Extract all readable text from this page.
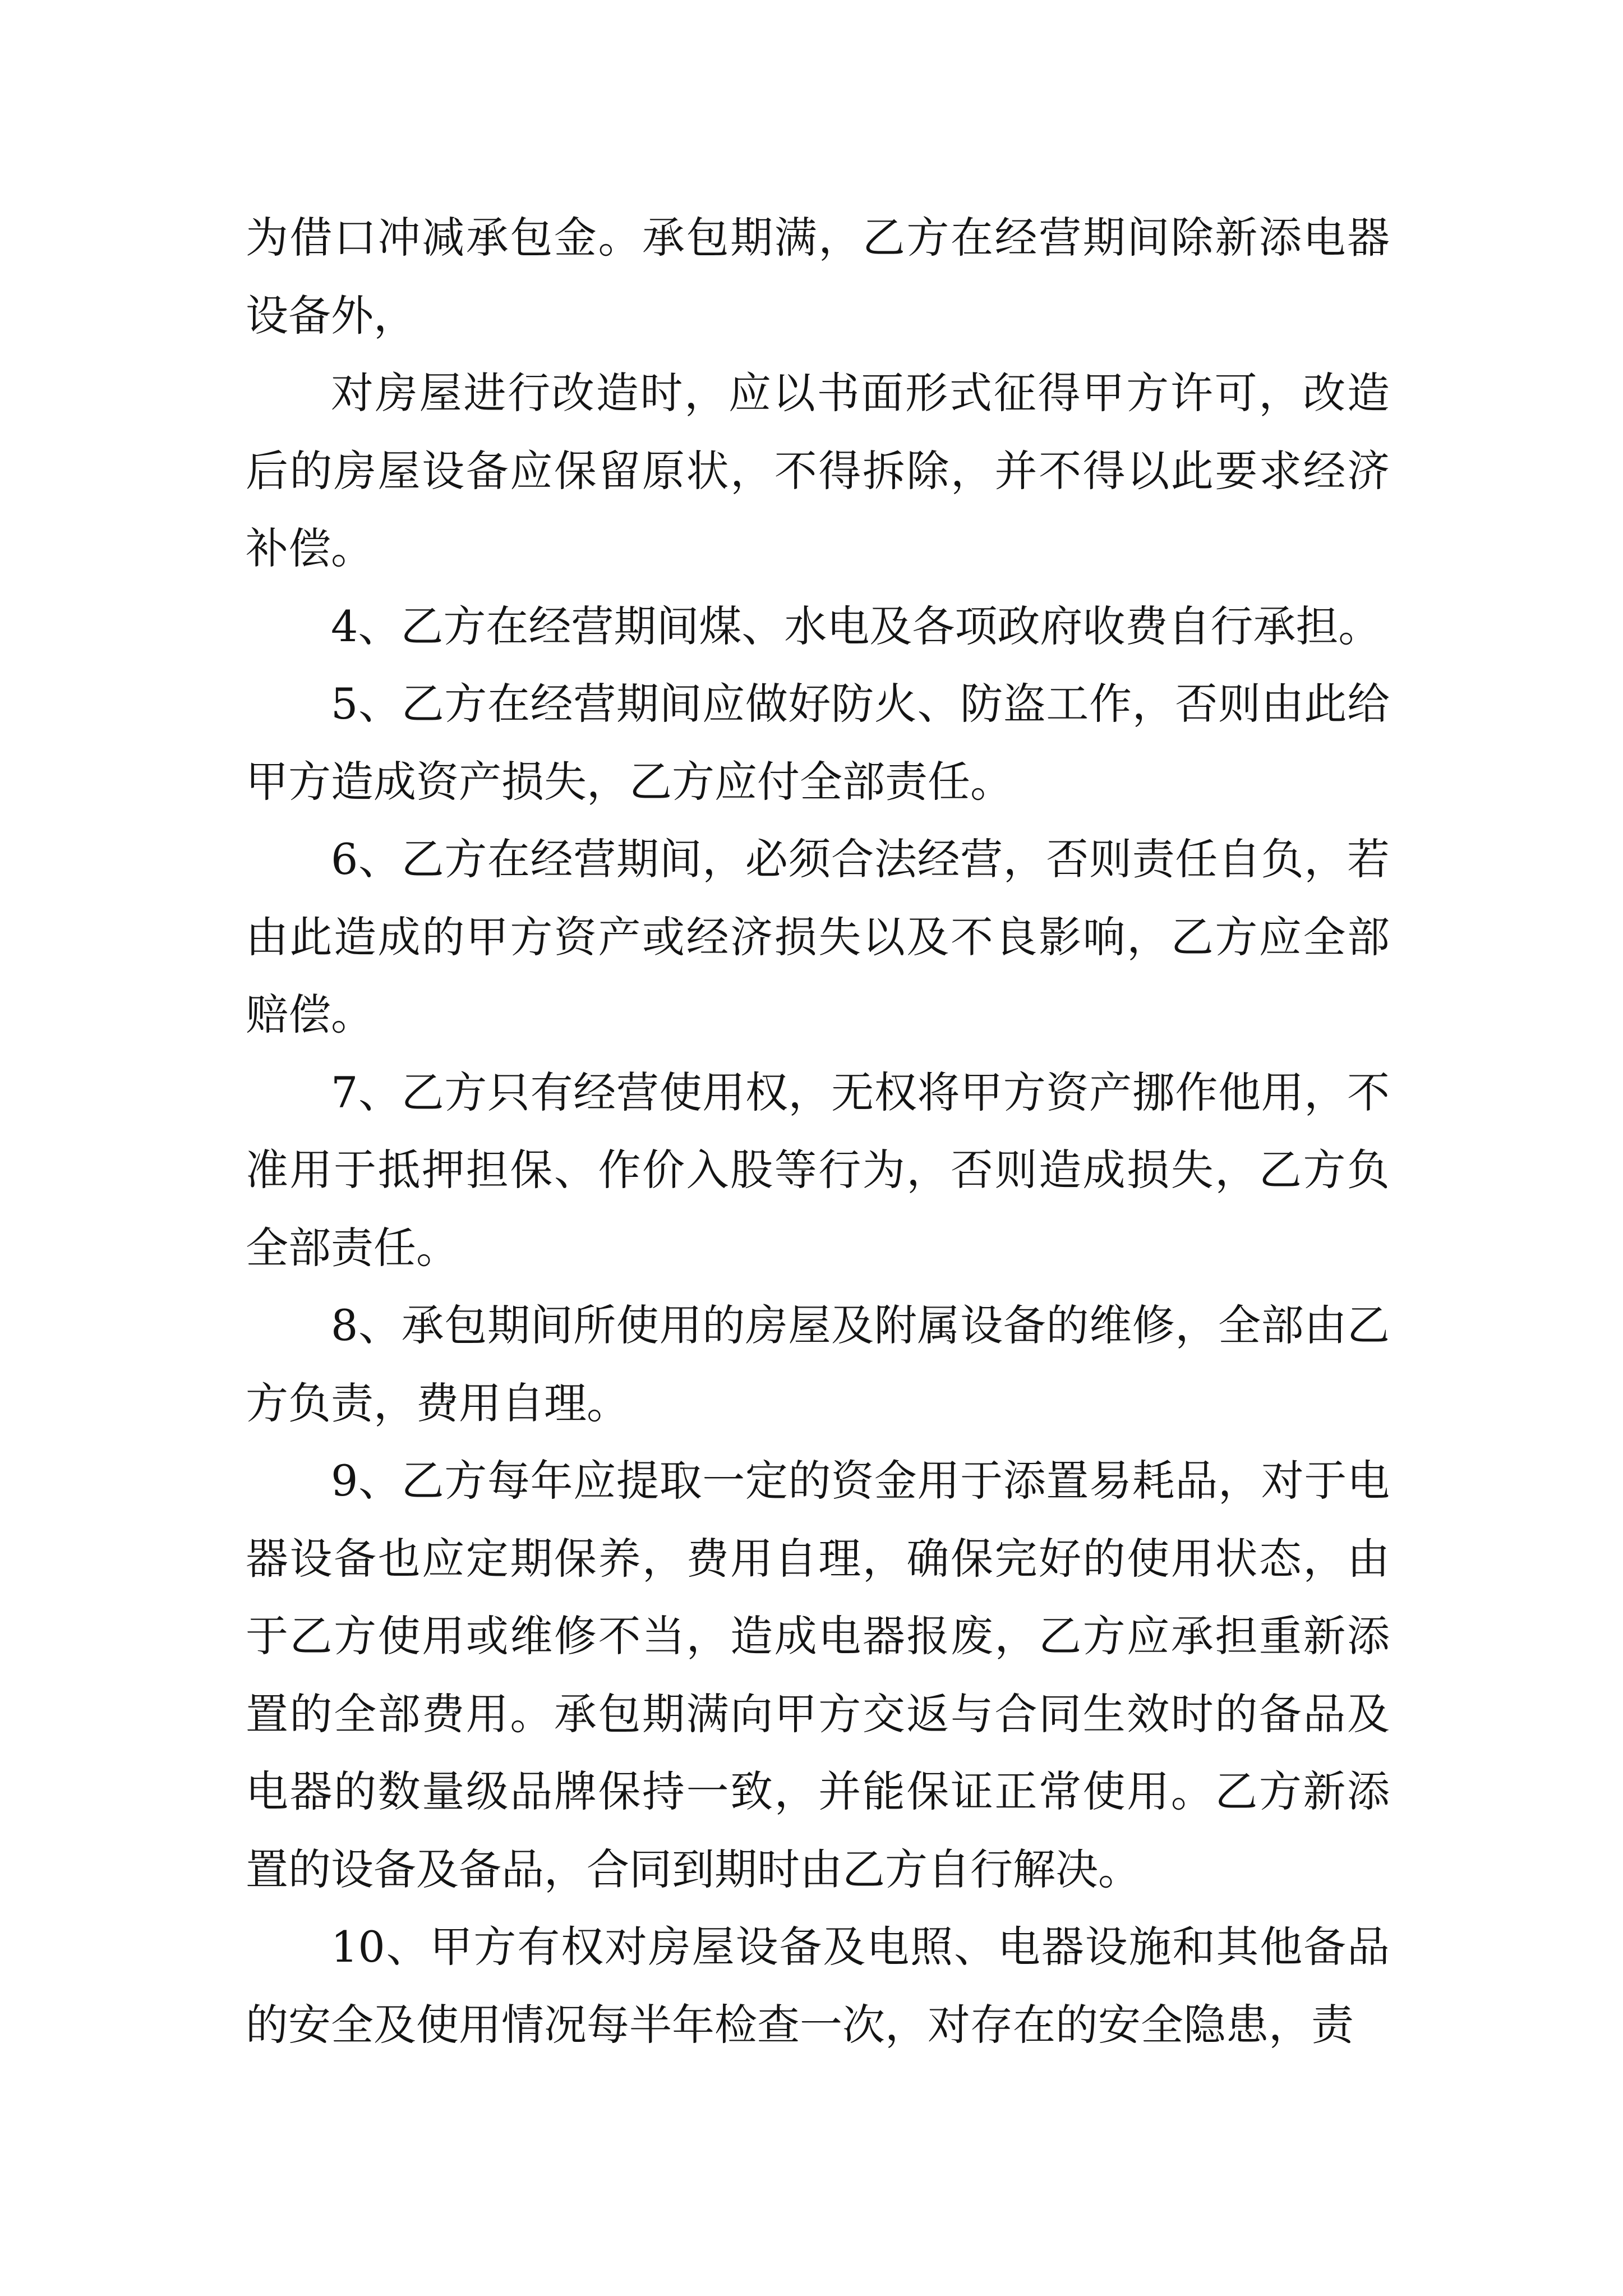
为借口冲减承包金。承包期满，乙方在经营期间除新添电器设备外，

对房屋进行改造时，应以书面形式征得甲方许可，改造后的房屋设备应保留原状，不得拆除，并不得以此要求经济补偿。

4、乙方在经营期间煤、水电及各项政府收费自行承担。

5、乙方在经营期间应做好防火、防盗工作，否则由此给甲方造成资产损失，乙方应付全部责任。

6、乙方在经营期间，必须合法经营，否则责任自负，若由此造成的甲方资产或经济损失以及不良影响，乙方应全部赔偿。

7、乙方只有经营使用权，无权将甲方资产挪作他用，不准用于抵押担保、作价入股等行为，否则造成损失，乙方负全部责任。

8、承包期间所使用的房屋及附属设备的维修，全部由乙方负责，费用自理。

9、乙方每年应提取一定的资金用于添置易耗品，对于电器设备也应定期保养，费用自理，确保完好的使用状态，由于乙方使用或维修不当，造成电器报废，乙方应承担重新添置的全部费用。承包期满向甲方交返与合同生效时的备品及电器的数量级品牌保持一致，并能保证正常使用。乙方新添置的设备及备品，合同到期时由乙方自行解决。

10、甲方有权对房屋设备及电照、电器设施和其他备品的安全及使用情况每半年检查一次，对存在的安全隐患，责
